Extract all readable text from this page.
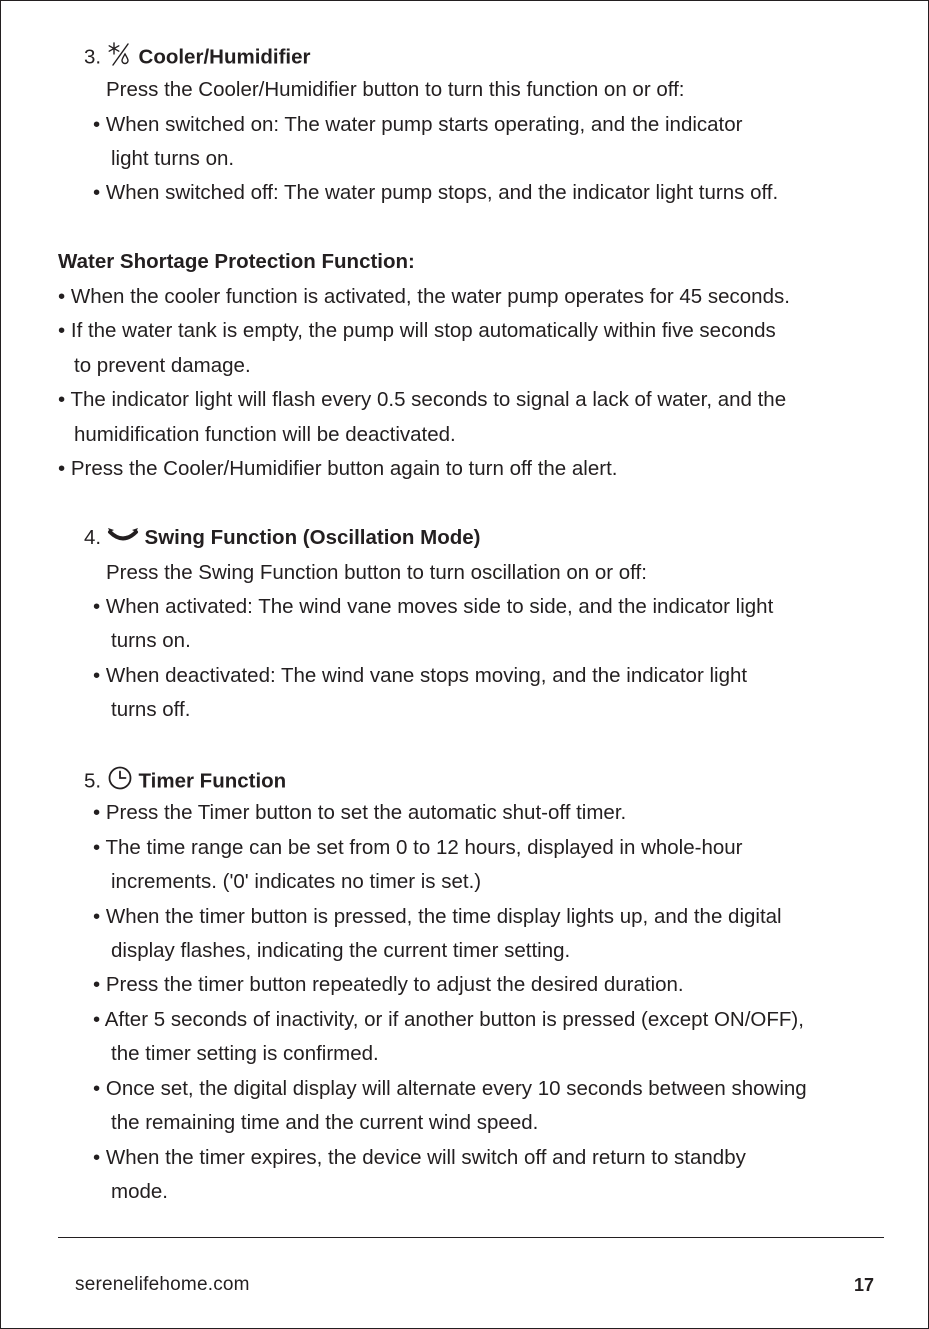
3. Cooler/Humidifier
Press the Cooler/Humidifier button to turn this function on or off:
• When switched on: The water pump starts operating, and the indicator
light turns on.
• When switched off: The water pump stops, and the indicator light turns off.
Water Shortage Protection Function:
• When the cooler function is activated, the water pump operates for 45 seconds.
• If the water tank is empty, the pump will stop automatically within five seconds
to prevent damage.
• The indicator light will flash every 0.5 seconds to signal a lack of water, and the
humidification function will be deactivated.
• Press the Cooler/Humidifier button again to turn off the alert.
4. Swing Function (Oscillation Mode)
Press the Swing Function button to turn oscillation on or off:
• When activated: The wind vane moves side to side, and the indicator light
turns on.
• When deactivated: The wind vane stops moving, and the indicator light
turns off.
5. Timer Function
• Press the Timer button to set the automatic shut-off timer.
• The time range can be set from 0 to 12 hours, displayed in whole-hour
increments. ('0' indicates no timer is set.)
• When the timer button is pressed, the time display lights up, and the digital
display flashes, indicating the current timer setting.
• Press the timer button repeatedly to adjust the desired duration.
• After 5 seconds of inactivity, or if another button is pressed (except ON/OFF),
the timer setting is confirmed.
• Once set, the digital display will alternate every 10 seconds between showing
the remaining time and the current wind speed.
• When the timer expires, the device will switch off and return to standby
mode.
serenelifehome.com	17
